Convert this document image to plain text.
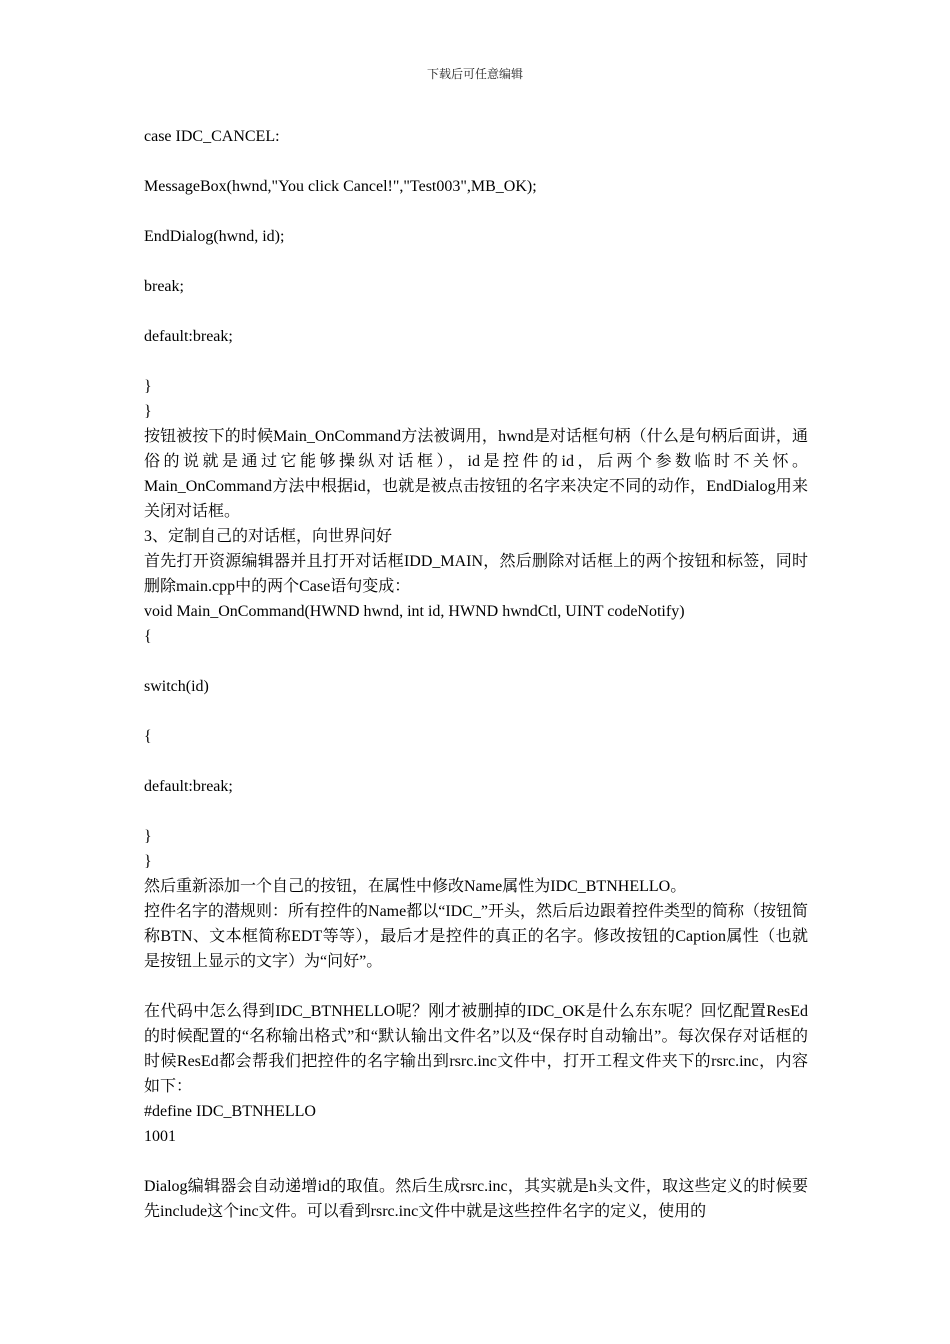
下载后可任意编辑
case IDC_CANCEL:
MessageBox(hwnd,"You click Cancel!","Test003",MB_OK);
EndDialog(hwnd, id);
break;
default:break;
}
}
按钮被按下的时候Main_OnCommand方法被调用，hwnd是对话框句柄（什么是句柄后面讲，通俗的说就是通过它能够操纵对话框），id是控件的id，后两个参数临时不关怀。Main_OnCommand方法中根据id，也就是被点击按钮的名字来决定不同的动作，EndDialog用来关闭对话框。
3、定制自己的对话框，向世界问好
首先打开资源编辑器并且打开对话框IDD_MAIN，然后删除对话框上的两个按钮和标签，同时删除main.cpp中的两个Case语句变成：
void Main_OnCommand(HWND hwnd, int id, HWND hwndCtl, UINT codeNotify)
{
switch(id)
{
default:break;
}
}
然后重新添加一个自己的按钮，在属性中修改Name属性为IDC_BTNHELLO。
控件名字的潜规则：所有控件的Name都以“IDC_”开头，然后后边跟着控件类型的简称（按钮简称BTN、文本框简称EDT等等），最后才是控件的真正的名字。修改按钮的Caption属性（也就是按钮上显示的文字）为“问好”。
在代码中怎么得到IDC_BTNHELLO呢？刚才被删掉的IDC_OK是什么东东呢？回忆配置ResEd的时候配置的“名称输出格式”和“默认输出文件名”以及“保存时自动输出”。每次保存对话框的时候ResEd都会帮我们把控件的名字输出到rsrc.inc文件中，打开工程文件夹下的rsrc.inc，内容如下：
#define IDC_BTNHELLO
1001
Dialog编辑器会自动递增id的取值。然后生成rsrc.inc，其实就是h头文件，取这些定义的时候要先include这个inc文件。可以看到rsrc.inc文件中就是这些控件名字的定义，使用的
